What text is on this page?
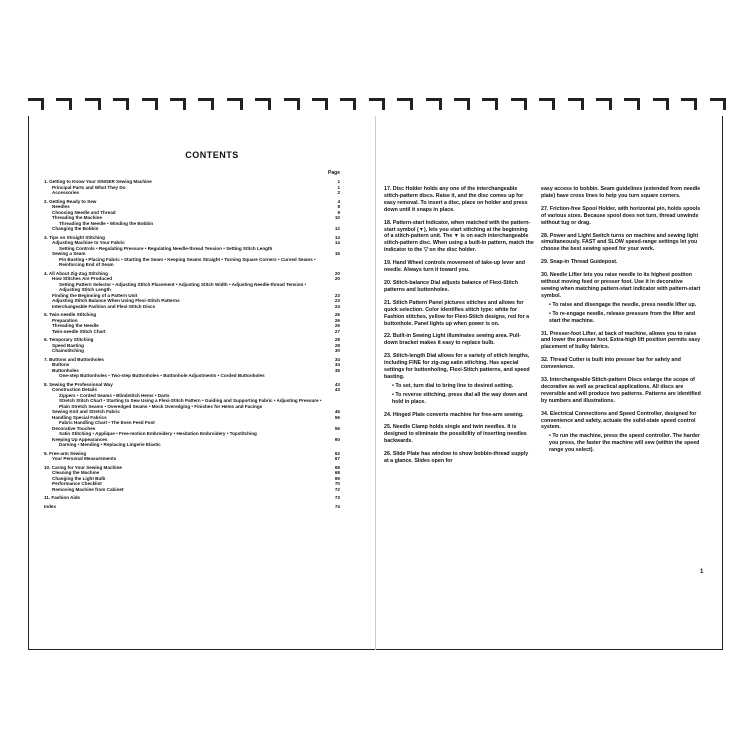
CONTENTS
Page
1. Getting to Know Your SINGER Sewing Machine	1
Principal Parts and What They Do	1
Accessories	2
2. Getting Ready to Sew	4
Needles	8
Choosing Needle and Thread	9
Threading the Machine	10
Threading the Needle • Winding the Bobbin
Changing the Bobbin	12
3. Tips on Straight Stitching	14
Adjusting Machine to Your Fabric	14
Setting Controls • Regulating Pressure • Regulating Needle-thread Tension • Setting Stitch Length
Sewing a Seam	16
Pin Basting • Placing Fabric • Starting the Seam • Keeping Seams Straight • Turning Square Corners • Curved Seams • Reinforcing End of Seam
4. All About Zig-Zag Stitching	20
How Stitches Are Produced	20
Setting Pattern Selector • Adjusting Stitch Placement • Adjusting Stitch Width • Adjusting Needle-thread Tension • Adjusting Stitch Length
Finding the Beginning of a Pattern Unit	23
Adjusting Stitch Balance When Using Flexi-Stitch Patterns	23
Interchangeable Fashion and Flexi-Stitch Discs	24
5. Twin-needle Stitching	26
Preparation	26
Threading the Needle	26
Twin-needle Stitch Chart	27
6. Temporary Stitching	28
Speed Basting	28
Chainstitching	30
7. Buttons and Buttonholes	34
Buttons	34
Buttonholes	35
One-step Buttonholes • Two-step Buttonholes • Buttonhole Adjustments • Corded Buttonholes
8. Sewing the Professional Way	43
Construction Details	43
Zippers • Corded Seams • Blindstitch Hems • Darts
Stretch Stitch Chart • Starting to Sew Using a Flexi-Stitch Pattern • Guiding and Supporting Fabric • Adjusting Pressure • Plain Stretch Seams • Overedged Seams • Mock Overedging • Finishes for Hems and Facings
Sewing Knit and Stretch Fabric	46
Handling Special Fabrics	56
Fabric Handling Chart • The Even Feed Foot
Decorative Touches	56
Satin Stitching • Applique • Free-motion Embroidery • Hesitation Embroidery • Topstitching
Keeping Up Appearances	60
Darning • Mending • Replacing Lingerie Elastic
9. Free-arm Sewing	62
Your Personal Measurements	67
10. Caring for Your Sewing Machine	68
Cleaning the Machine	68
Changing the Light Bulb	69
Performance Checklist	70
Removing Machine from Cabinet	72
11. Fashion Aids	73
Index	74
17. Disc Holder holds any one of the interchangeable stitch-pattern discs. Raise it, and the disc comes up for easy removal. To insert a disc, place on holder and press down until it snaps in place.
18. Pattern-start Indicator, when matched with the pattern-start symbol (▼), lets you start stitching at the beginning of a stitch-pattern unit. The ▼ is on each interchangeable stitch-pattern disc. When using a built-in pattern, match the indicator to the ▽ on the disc holder.
19. Hand Wheel controls movement of take-up lever and needle. Always turn it toward you.
20. Stitch-balance Dial adjusts balance of Flexi-Stitch patterns and buttonholes.
21. Stitch Pattern Panel pictures stitches and allows for quick selection. Color identifies stitch type: white for Fashion stitches, yellow for Flexi-Stitch designs, red for a buttonhole. Panel lights up when power is on.
22. Built-in Sewing Light illuminates sewing area. Pull-down bracket makes it easy to replace bulb.
23. Stitch-length Dial allows for a variety of stitch lengths, including FINE for zig-zag satin stitching. Has special settings for buttonholing, Flexi-Stitch patterns, and speed basting.
• To set, turn dial to bring line to desired setting.
• To reverse stitching, press dial all the way down and hold in place.
24. Hinged Plate converts machine for free-arm sewing.
25. Needle Clamp holds single and twin needles. It is designed to eliminate the possibility of inserting needles backwards.
26. Slide Plate has window to show bobbin-thread supply at a glance. Slides open for
easy access to bobbin. Seam guidelines (extended from needle plate) have cross lines to help you turn square corners.
27. Friction-free Spool Holder, with horizontal pin, holds spools of various sizes. Because spool does not turn, thread unwinds without tug or drag.
28. Power and Light Switch turns on machine and sewing light simultaneously. FAST and SLOW speed-range settings let you choose the best sewing speed for your work.
29. Snap-in Thread Guidepost.
30. Needle Lifter lets you raise needle to its highest position without moving feed or presser foot. Use it in decorative sewing when matching pattern-start indicator with pattern-start symbol.
• To raise and disengage the needle, press needle lifter up.
• To re-engage needle, release pressure from the lifter and start the machine.
31. Presser-foot Lifter, at back of machine, allows you to raise and lower the presser foot. Extra-high lift position permits easy placement of bulky fabrics.
32. Thread Cutter is built into presser bar for safety and convenience.
33. Interchangeable Stitch-pattern Discs enlarge the scope of decorative as well as practical applications. All discs are reversible and will produce two patterns. Patterns are identified by numbers and illustrations.
34. Electrical Connections and Speed Controller, designed for convenience and safety, actuate the solid-state speed control system.
• To run the machine, press the speed controller. The harder you press, the faster the machine will sew (within the speed range you select).
1
